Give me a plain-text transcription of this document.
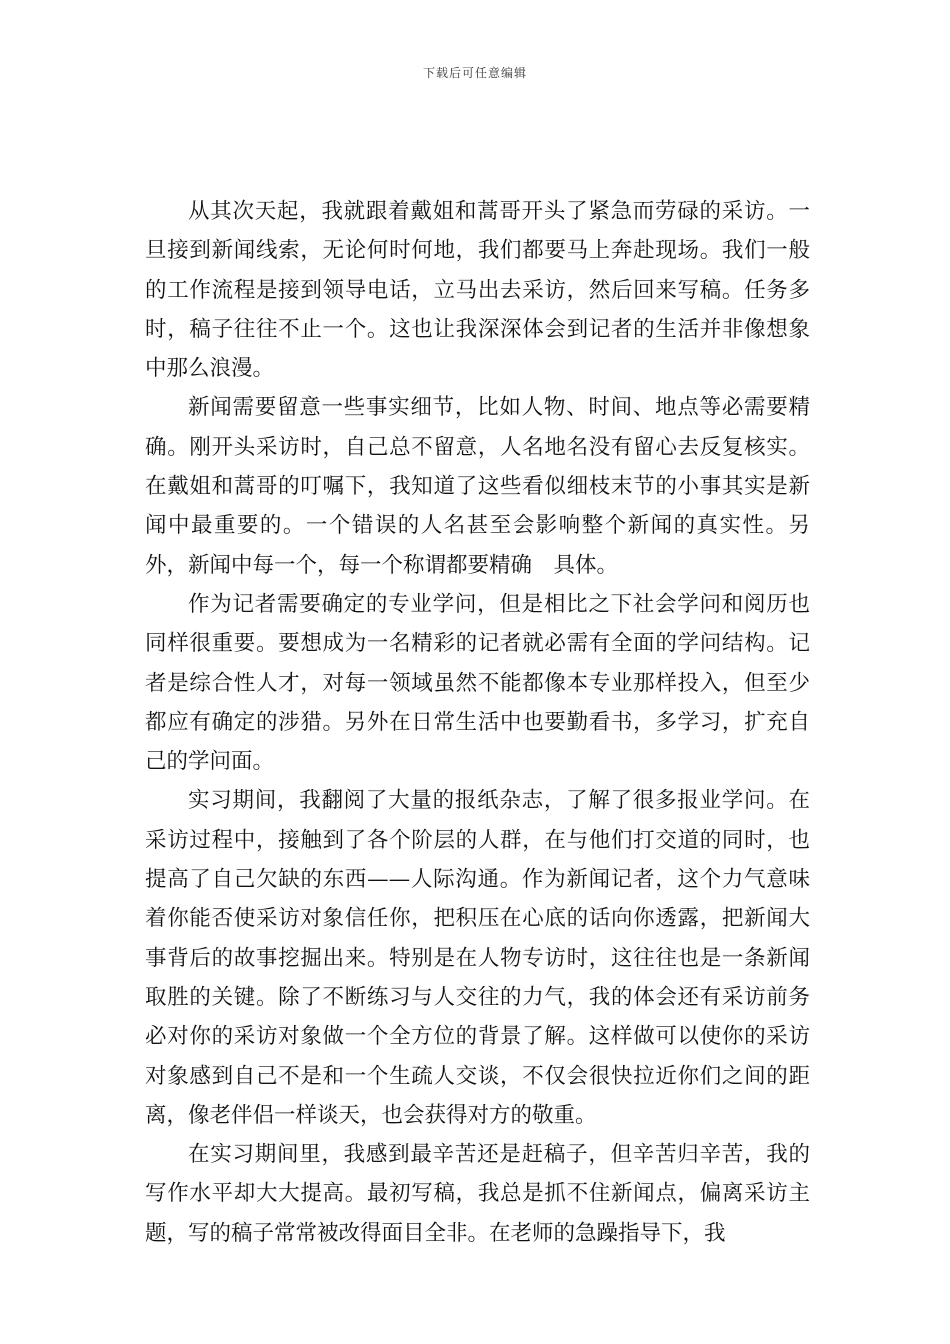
下载后可任意编辑

从其次天起，我就跟着戴姐和蒿哥开头了紧急而劳碌的采访。一旦接到新闻线索，无论何时何地，我们都要马上奔赴现场。我们一般的工作流程是接到领导电话，立马出去采访，然后回来写稿。任务多时，稿子往往不止一个。这也让我深深体会到记者的生活并非像想象中那么浪漫。

新闻需要留意一些事实细节，比如人物、时间、地点等必需要精确。刚开头采访时，自己总不留意，人名地名没有留心去反复核实。在戴姐和蒿哥的叮嘱下，我知道了这些看似细枝末节的小事其实是新闻中最重要的。一个错误的人名甚至会影响整个新闻的真实性。另外，新闻中每一个，每一个称谓都要精确　具体。

作为记者需要确定的专业学问，但是相比之下社会学问和阅历也同样很重要。要想成为一名精彩的记者就必需有全面的学问结构。记者是综合性人才，对每一领域虽然不能都像本专业那样投入，但至少都应有确定的涉猎。另外在日常生活中也要勤看书，多学习，扩充自己的学问面。

实习期间，我翻阅了大量的报纸杂志，了解了很多报业学问。在采访过程中，接触到了各个阶层的人群，在与他们打交道的同时，也提高了自己欠缺的东西——人际沟通。作为新闻记者，这个力气意味着你能否使采访对象信任你，把积压在心底的话向你透露，把新闻大事背后的故事挖掘出来。特别是在人物专访时，这往往也是一条新闻取胜的关键。除了不断练习与人交往的力气，我的体会还有采访前务必对你的采访对象做一个全方位的背景了解。这样做可以使你的采访对象感到自己不是和一个生疏人交谈，不仅会很快拉近你们之间的距离，像老伴侣一样谈天，也会获得对方的敬重。

在实习期间里，我感到最辛苦还是赶稿子，但辛苦归辛苦，我的写作水平却大大提高。最初写稿，我总是抓不住新闻点，偏离采访主题，写的稿子常常被改得面目全非。在老师的急躁指导下，我
